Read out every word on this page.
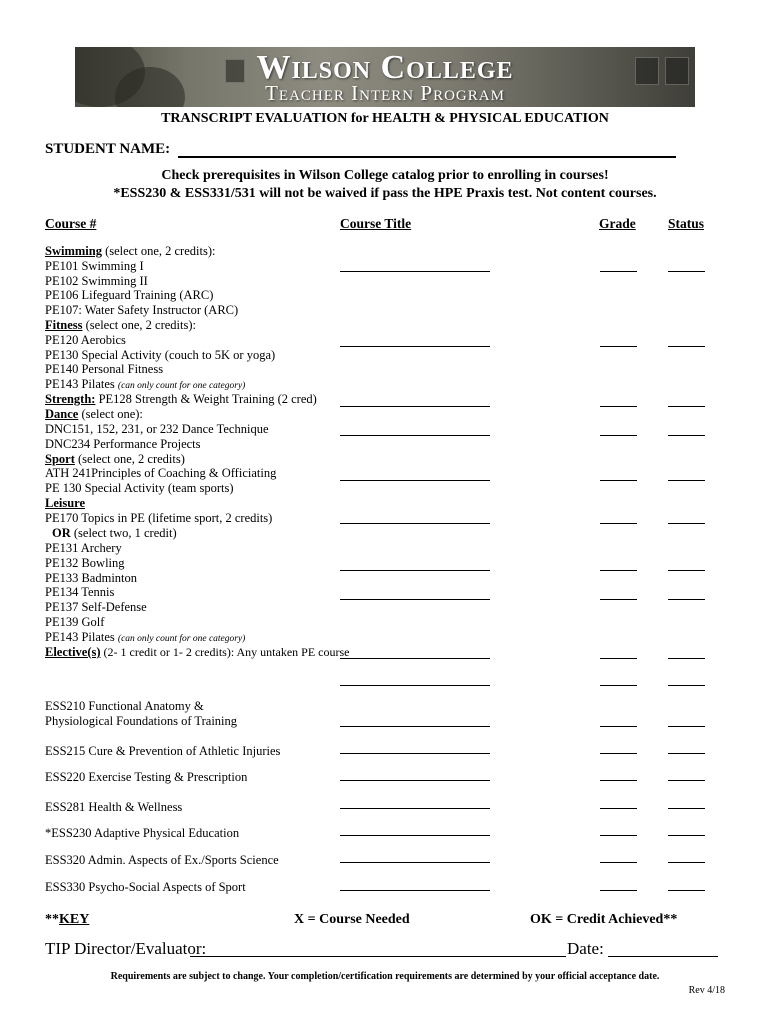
Wilson College
Teacher Intern Program
TRANSCRIPT EVALUATION for HEALTH & PHYSICAL EDUCATION
STUDENT NAME:
Check prerequisites in Wilson College catalog prior to enrolling in courses!
*ESS230 & ESS331/531 will not be waived if pass the HPE Praxis test. Not content courses.
Course #	Course Title	Grade Status
Swimming (select one, 2 credits):
PE101 Swimming I
PE102 Swimming II
PE106 Lifeguard Training (ARC)
PE107: Water Safety Instructor (ARC)
Fitness (select one, 2 credits):
PE120 Aerobics
PE130 Special Activity (couch to 5K or yoga)
PE140 Personal Fitness
PE143 Pilates (can only count for one category)
Strength: PE128 Strength & Weight Training (2 cred)
Dance (select one):
DNC151, 152, 231, or 232 Dance Technique
DNC234 Performance Projects
Sport (select one, 2 credits)
ATH 241Principles of Coaching & Officiating
PE 130 Special Activity (team sports)
Leisure
PE170 Topics in PE (lifetime sport, 2 credits)
OR (select two, 1 credit)
PE131 Archery
PE132 Bowling
PE133 Badminton
PE134 Tennis
PE137 Self-Defense
PE139 Golf
PE143 Pilates (can only count for one category)
Elective(s) (2- 1 credit or 1- 2 credits): Any untaken PE course
ESS210 Functional Anatomy &
Physiological Foundations of Training
ESS215 Cure & Prevention of Athletic Injuries
ESS220 Exercise Testing & Prescription
ESS281 Health & Wellness
*ESS230 Adaptive Physical Education
ESS320 Admin. Aspects of Ex./Sports Science
ESS330 Psycho-Social Aspects of Sport
**KEY	X = Course Needed	OK = Credit Achieved**
TIP Director/Evaluator:	Date:
Requirements are subject to change. Your completion/certification requirements are determined by your official acceptance date.
Rev 4/18
